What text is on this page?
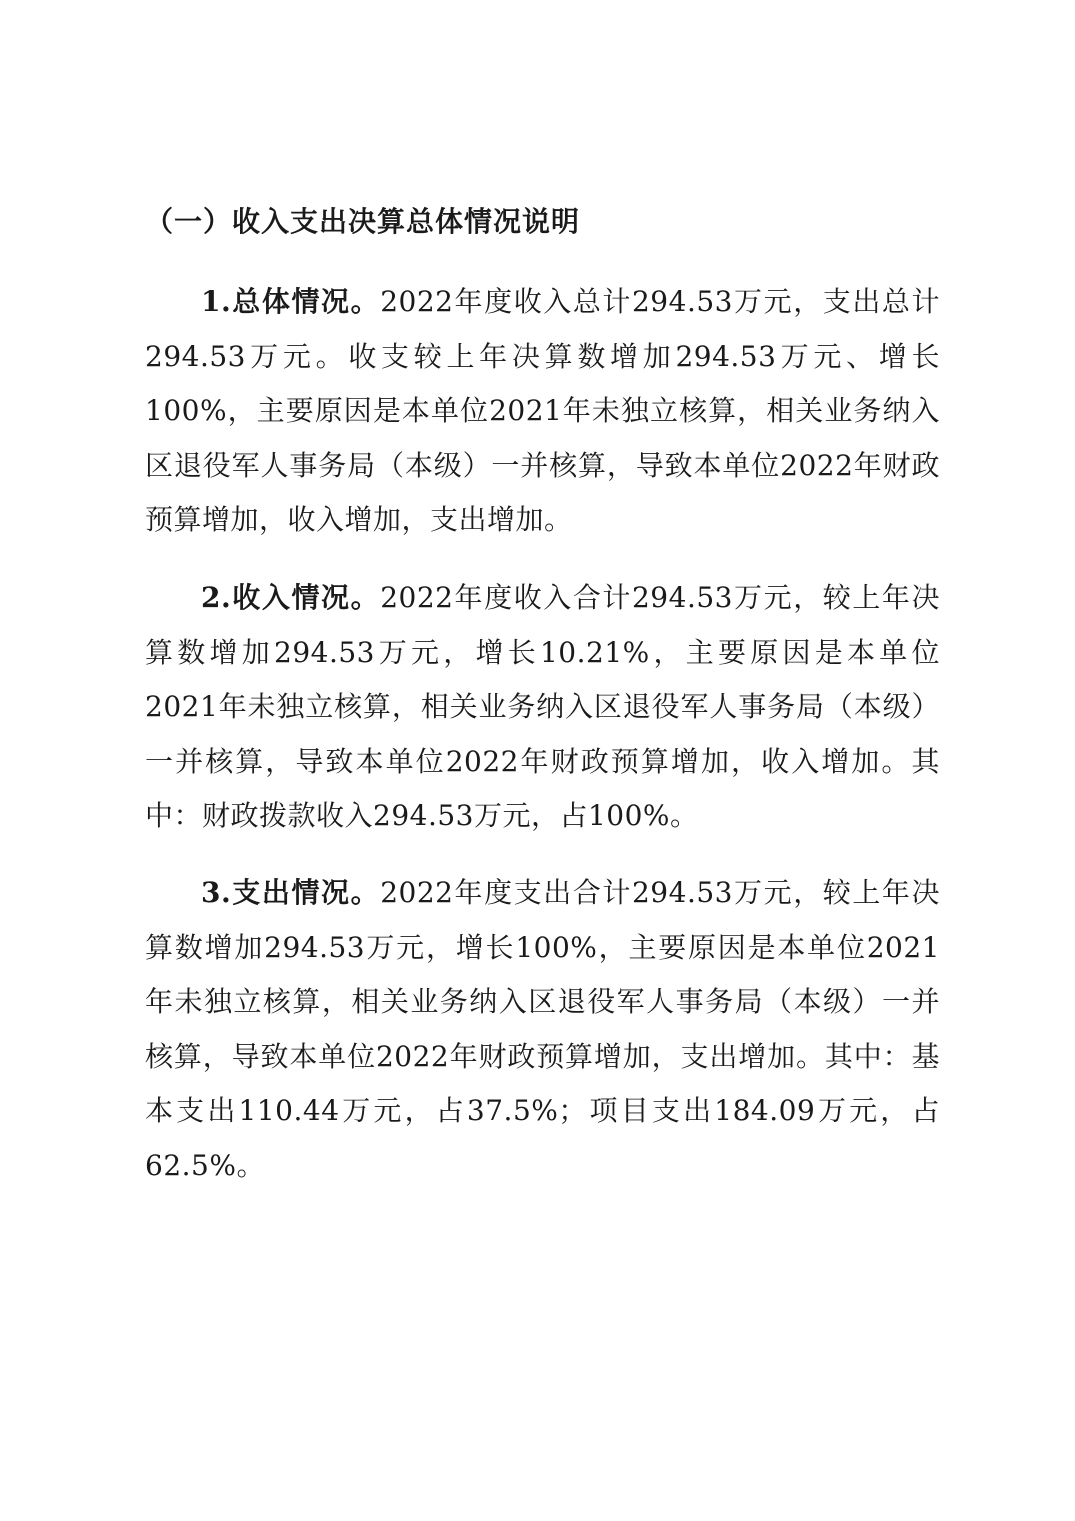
（一）收入支出决算总体情况说明

1.总体情况。2022年度收入总计294.53万元，支出总计294.53万元。收支较上年决算数增加294.53万元、增长100%，主要原因是本单位2021年未独立核算，相关业务纳入区退役军人事务局（本级）一并核算，导致本单位2022年财政预算增加，收入增加，支出增加。

2.收入情况。2022年度收入合计294.53万元，较上年决算数增加294.53万元，增长10.21%，主要原因是本单位2021年未独立核算，相关业务纳入区退役军人事务局（本级）一并核算，导致本单位2022年财政预算增加，收入增加。其中：财政拨款收入294.53万元，占100%。

3.支出情况。2022年度支出合计294.53万元，较上年决算数增加294.53万元，增长100%，主要原因是本单位2021年未独立核算，相关业务纳入区退役军人事务局（本级）一并核算，导致本单位2022年财政预算增加，支出增加。其中：基本支出110.44万元，占37.5%；项目支出184.09万元，占62.5%。
